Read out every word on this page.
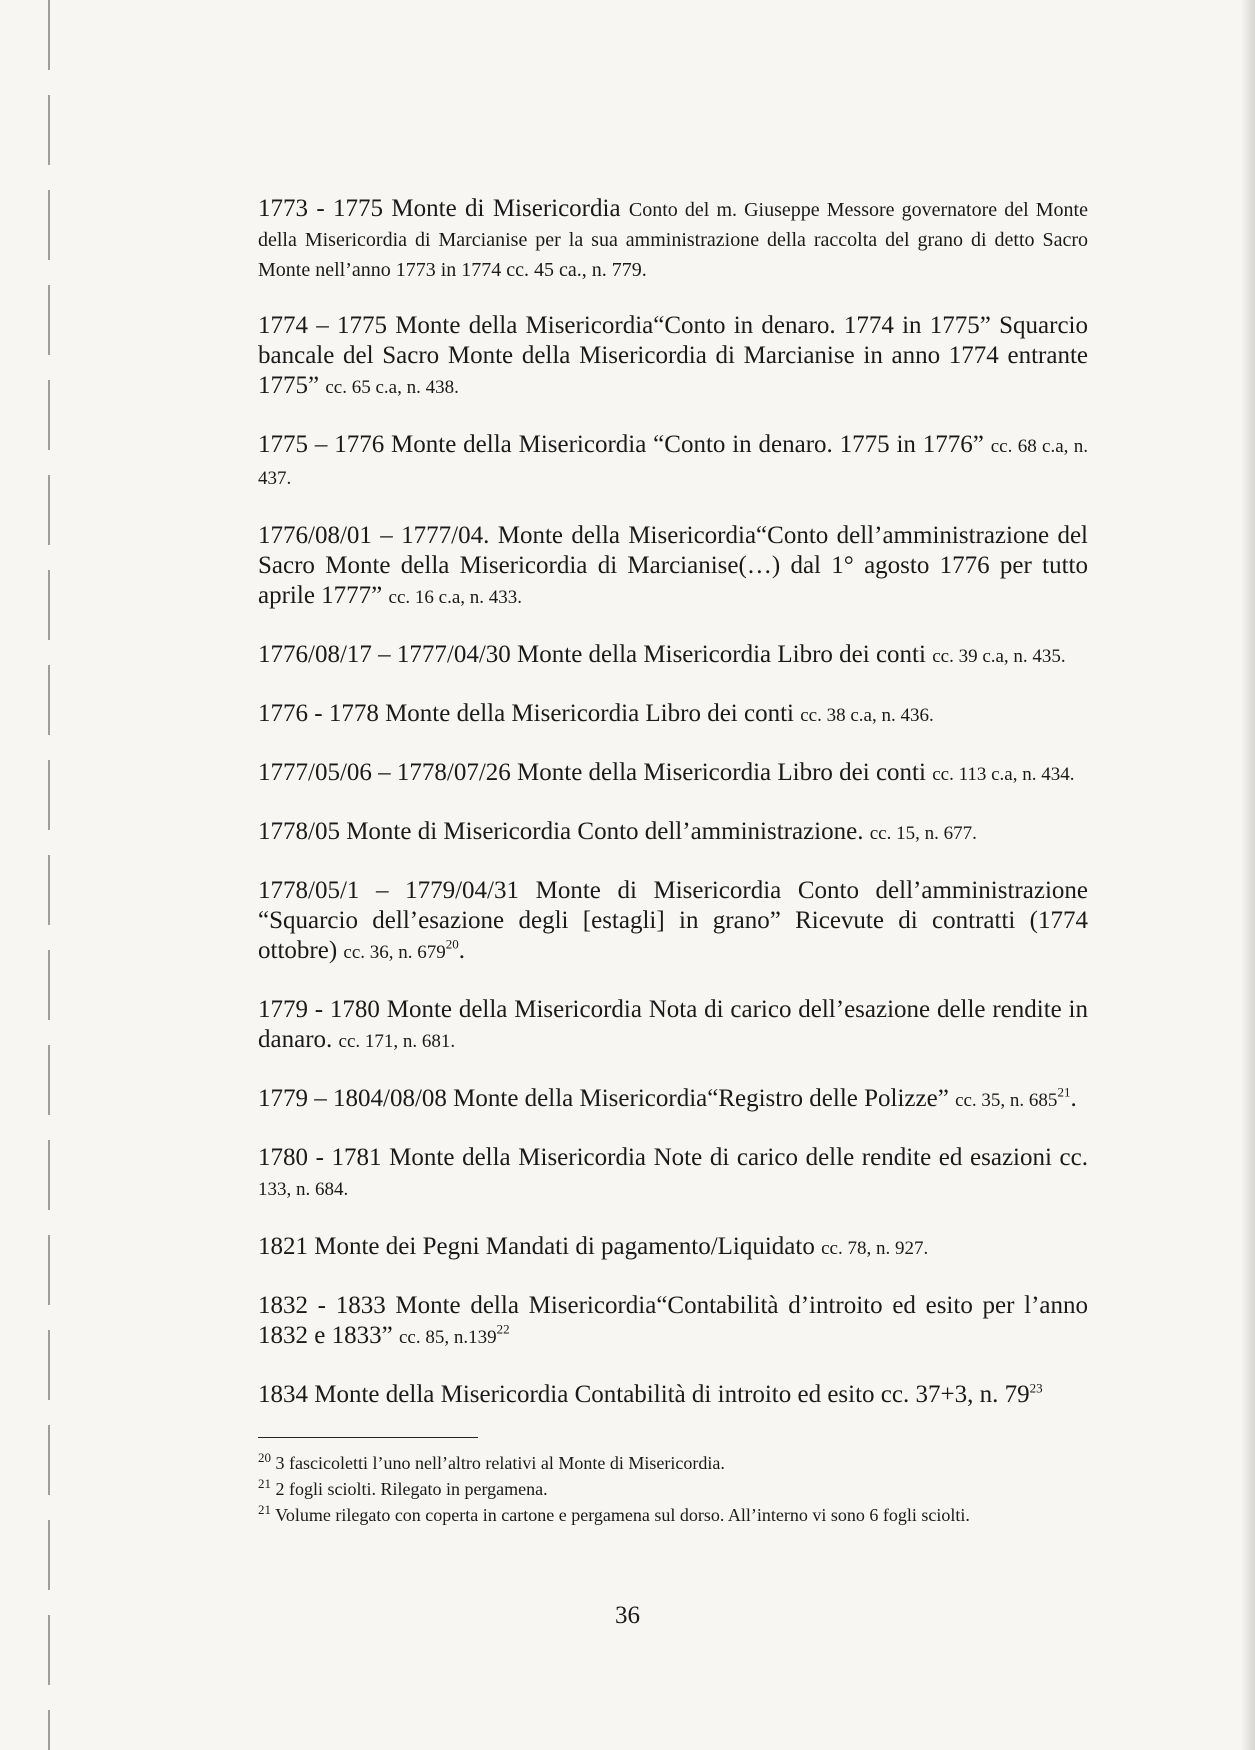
1773 - 1775 Monte di Misericordia Conto del m. Giuseppe Messore governatore del Monte della Misericordia di Marcianise per la sua amministrazione della raccolta del grano di detto Sacro Monte nell’anno 1773 in 1774 cc. 45 ca., n. 779.

1774 – 1775 Monte della Misericordia“Conto in denaro. 1774 in 1775” Squarcio bancale del Sacro Monte della Misericordia di Marcianise in anno 1774 entrante 1775” cc. 65 c.a, n. 438.

1775 – 1776 Monte della Misericordia “Conto in denaro. 1775 in 1776” cc. 68 c.a, n. 437.

1776/08/01 – 1777/04. Monte della Misericordia“Conto dell’amministrazione del Sacro Monte della Misericordia di Marcianise(…) dal 1° agosto 1776 per tutto aprile 1777” cc. 16 c.a, n. 433.

1776/08/17 – 1777/04/30 Monte della Misericordia Libro dei conti cc. 39 c.a, n. 435.

1776 - 1778 Monte della Misericordia Libro dei conti cc. 38 c.a, n. 436.

1777/05/06 – 1778/07/26 Monte della Misericordia Libro dei conti cc. 113 c.a, n. 434.

1778/05 Monte di Misericordia Conto dell’amministrazione. cc. 15, n. 677.

1778/05/1 – 1779/04/31 Monte di Misericordia Conto dell’amministrazione “Squarcio dell’esazione degli [estagli] in grano” Ricevute di contratti (1774 ottobre) cc. 36, n. $679^{20}$.

1779 - 1780 Monte della Misericordia Nota di carico dell’esazione delle rendite in danaro. cc. 171, n. 681.

1779 – 1804/08/08 Monte della Misericordia“Registro delle Polizze” cc. 35, n. $685^{21}$.

1780 - 1781 Monte della Misericordia Note di carico delle rendite ed esazioni cc. 133, n. 684.

1821 Monte dei Pegni Mandati di pagamento/Liquidato cc. 78, n. 927.

1832 - 1833 Monte della Misericordia“Contabilità d’introito ed esito per l’anno 1832 e 1833” cc. 85, n.139$^{22}$

1834 Monte della Misericordia Contabilità di introito ed esito cc. 37+3, n. $79^{23}$

$^{20}$ 3 fascicoletti l’uno nell’altro relativi al Monte di Misericordia.

$^{21}$ 2 fogli sciolti. Rilegato in pergamena.

$^{21}$ Volume rilegato con coperta in cartone e pergamena sul dorso. All’interno vi sono 6 fogli sciolti.

36
